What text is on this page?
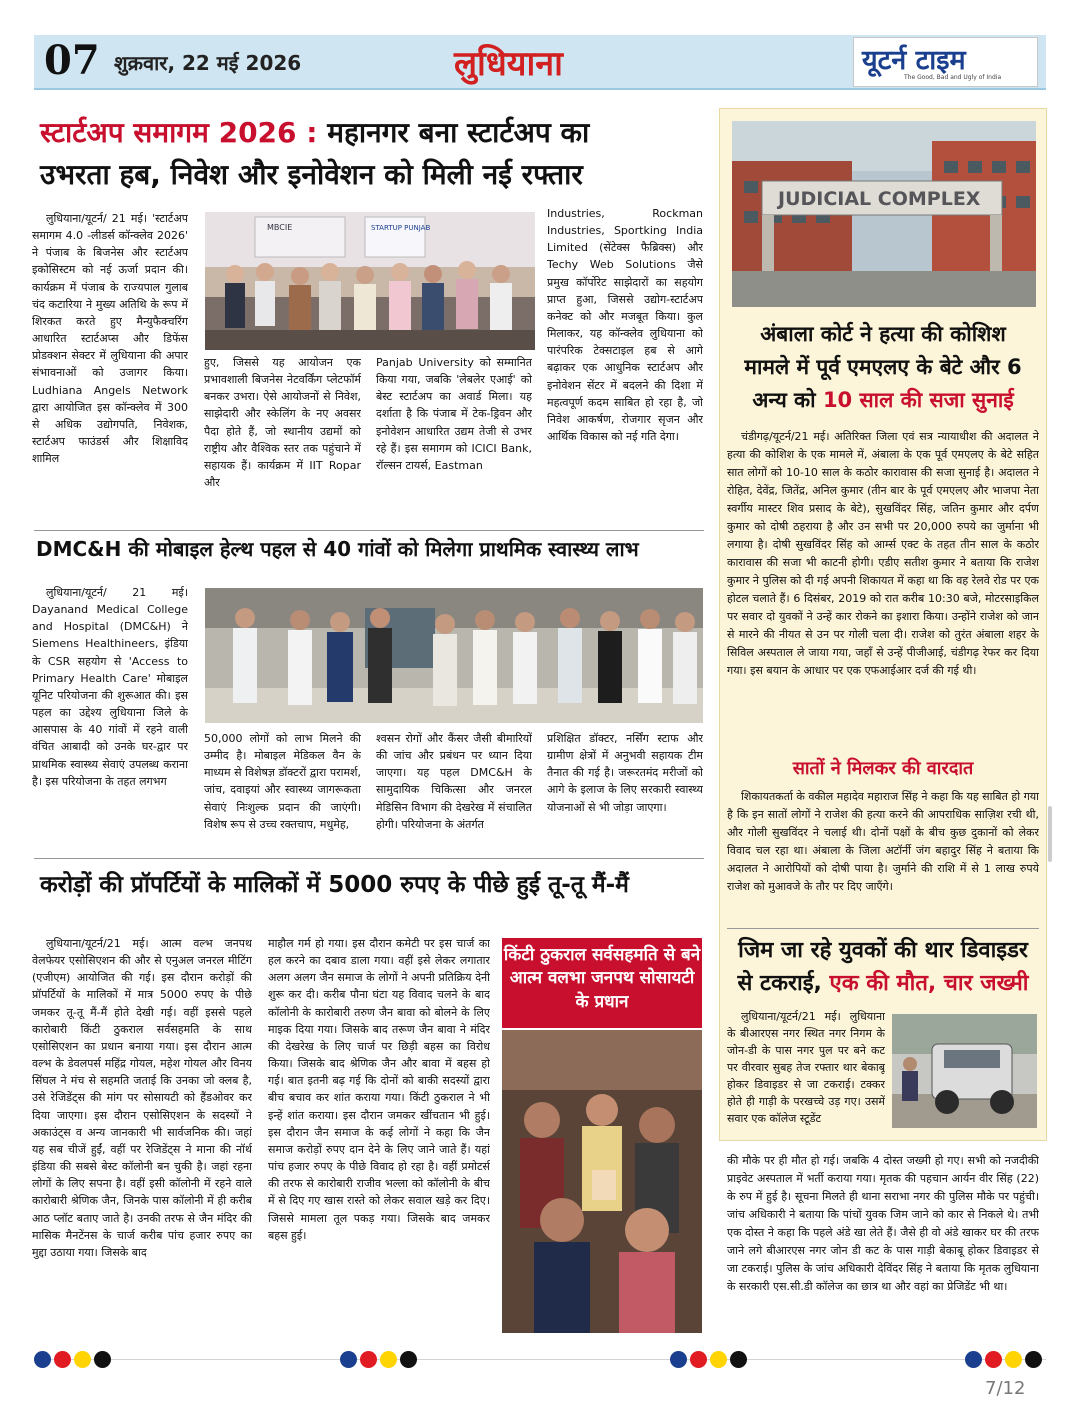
07 शुक्रवार, 22 मई 2026	लुधियाना	यूटर्न टाइम
The Good, Bad and Ugly of India
स्टार्टअप समागम 2026 : महानगर बना स्टार्टअप का
उभरता हब, निवेश और इनोवेशन को मिली नई रफ्तार

लुधियाना/यूटर्न/ 21 मई। 'स्टार्टअप समागम 4.0 -लीडर्स कॉन्क्लेव 2026' ने पंजाब के बिजनेस और स्टार्टअप इकोसिस्टम को नई ऊर्जा प्रदान की। कार्यक्रम में पंजाब के राज्यपाल गुलाब चंद कटारिया ने मुख्य अतिथि के रूप में शिरकत करते हुए मैन्युफैक्चरिंग आधारित स्टार्टअप्स और डिफेंस प्रोडक्शन सेक्टर में लुधियाना की अपार संभावनाओं को उजागर किया। Ludhiana Angels Network द्वारा आयोजित इस कॉन्क्लेव में 300 से अधिक उद्योगपति, निवेशक, स्टार्टअप फाउंडर्स और शिक्षाविद शामिल

MBCIE	STARTUP PUNJAB

हुए, जिससे यह आयोजन एक प्रभावशाली बिजनेस नेटवर्किंग प्लेटफॉर्म बनकर उभरा। ऐसे आयोजनों से निवेश, साझेदारी और स्केलिंग के नए अवसर पैदा होते हैं, जो स्थानीय उद्यमों को राष्ट्रीय और वैश्विक स्तर तक पहुंचाने में सहायक हैं। कार्यक्रम में IIT Ropar और

Panjab University को सम्मानित किया गया, जबकि 'लेबलेर एआई' को बेस्ट स्टार्टअप का अवार्ड मिला। यह दर्शाता है कि पंजाब में टेक-ड्रिवन और इनोवेशन आधारित उद्यम तेजी से उभर रहे हैं। इस समागम को ICICI Bank, रॉल्सन टायर्स, Eastman

Industries, Rockman Industries, Sportking India Limited (सेंटेक्स फैब्रिक्स) और Techy Web Solutions जैसे प्रमुख कॉर्पोरेट साझेदारों का सहयोग प्राप्त हुआ, जिससे उद्योग-स्टार्टअप कनेक्ट को और मजबूत किया। कुल मिलाकर, यह कॉन्क्लेव लुधियाना को पारंपरिक टेक्सटाइल हब से आगे बढ़ाकर एक आधुनिक स्टार्टअप और इनोवेशन सेंटर में बदलने की दिशा में महत्वपूर्ण कदम साबित हो रहा है, जो निवेश आकर्षण, रोजगार सृजन और आर्थिक विकास को नई गति देगा।

DMC&H की मोबाइल हेल्थ पहल से 40 गांवों को मिलेगा प्राथमिक स्वास्थ्य लाभ

लुधियाना/यूटर्न/ 21 मई। Dayanand Medical College and Hospital (DMC&H) ने Siemens Healthineers, इंडिया के CSR सहयोग से 'Access to Primary Health Care' मोबाइल यूनिट परियोजना की शुरूआत की। इस पहल का उद्देश्य लुधियाना जिले के आसपास के 40 गांवों में रहने वाली वंचित आबादी को उनके घर-द्वार पर प्राथमिक स्वास्थ्य सेवाएं उपलब्ध कराना है। इस परियोजना के तहत लगभग

50,000 लोगों को लाभ मिलने की उम्मीद है। मोबाइल मेडिकल वैन के माध्यम से विशेषज्ञ डॉक्टरों द्वारा परामर्श, जांच, दवाइयां और स्वास्थ्य जागरूकता सेवाएं निःशुल्क प्रदान की जाएंगी। विशेष रूप से उच्च रक्तचाप, मधुमेह,

श्वसन रोगों और कैंसर जैसी बीमारियों की जांच और प्रबंधन पर ध्यान दिया जाएगा। यह पहल DMC&H के सामुदायिक चिकित्सा और जनरल मेडिसिन विभाग की देखरेख में संचालित होगी। परियोजना के अंतर्गत

प्रशिक्षित डॉक्टर, नर्सिंग स्टाफ और ग्रामीण क्षेत्रों में अनुभवी सहायक टीम तैनात की गई है। जरूरतमंद मरीजों को आगे के इलाज के लिए सरकारी स्वास्थ्य योजनाओं से भी जोड़ा जाएगा।

करोड़ों की प्रॉपर्टियों के मालिकों में 5000 रुपए के पीछे हुई तू-तू मैं-मैं

लुधियाना/यूटर्न/21 मई। आत्म वल्भ जनपथ वेलफेयर एसोसिएशन की और से एनुअल जनरल मीटिंग (एजीएम) आयोजित की गई। इस दौरान करोड़ों की प्रॉपर्टियों के मालिकों में मात्र 5000 रुपए के पीछे जमकर तू-तू मैं-मैं होते देखी गई। वहीं इससे पहले कारोबारी किंटी ठुकराल सर्वसहमति के साथ एसोसिएशन का प्रधान बनाया गया। इस दौरान आत्म वल्भ के डेवलपर्स महिंद्र गोयल, महेश गोयल और विनय सिंघल ने मंच से सहमति जताई कि उनका जो क्लब है, उसे रेजिडेंट्स की मांग पर सोसायटी को हैंडओवर कर दिया जाएगा। इस दौरान एसोसिएशन के सदस्यों ने अकाउंट्स व अन्य जानकारी भी सार्वजनिक की। जहां यह सब चीजें हुईं, वहीं पर रेजिडेंट्स ने माना की नॉर्थ इंडिया की सबसे बेस्ट कॉलोनी बन चुकी है। जहां रहना लोगों के लिए सपना है। वहीं इसी कॉलोनी में रहने वाले कारोबारी श्रेणिक जैन, जिनके पास कॉलोनी में ही करीब आठ प्लॉट बताए जाते है। उनकी तरफ से जैन मंदिर की मासिक मैनटेंनस के चार्ज करीब पांच हजार रुपए का मुद्दा उठाया गया। जिसके बाद

माहौल गर्म हो गया। इस दौरान कमेटी पर इस चार्ज का हल करने का दबाव डाला गया। वहीं इसे लेकर लगातार अलग अलग जैन समाज के लोगों ने अपनी प्रतिक्रिय देनी शुरू कर दी। करीब पौना घंटा यह विवाद चलने के बाद कॉलोनी के कारोबारी तरुण जैन बावा को बोलने के लिए माइक दिया गया। जिसके बाद तरूण जैन बावा ने मंदिर की देखरेख के लिए चार्ज पर छिड़ी बहस का विरोध किया। जिसके बाद श्रेणिक जैन और बावा में बहस हो गई। बात इतनी बढ़ गई कि दोनों को बाकी सदस्यों द्वारा बीच बचाव कर शांत कराया गया। किंटी ठुकराल ने भी इन्हें शांत कराया। इस दौरान जमकर खींचतान भी हुई। इस दौरान जैन समाज के कई लोगों ने कहा कि जैन समाज करोड़ों रुपए दान देने के लिए जाने जाते हैं। यहां पांच हजार रुपए के पीछे विवाद हो रहा है। वहीं प्रमोटर्स की तरफ से कारोबारी राजीव भल्ला को कॉलोनी के बीच में से दिए गए खास रास्ते को लेकर सवाल खड़े कर दिए। जिससे मामला तूल पकड़ गया। जिसके बाद जमकर बहस हुई।

किंटी ठुकराल सर्वसहमति से बने आत्म वलभा जनपथ सोसायटी के प्रधान
JUDICIAL COMPLEX
अंबाला कोर्ट ने हत्या की कोशिश
मामले में पूर्व एमएलए के बेटे और 6
अन्य को 10 साल की सजा सुनाई

चंडीगढ़/यूटर्न/21 मई। अतिरिक्त जिला एवं सत्र न्यायाधीश की अदालत ने हत्या की कोशिश के एक मामले में, अंबाला के एक पूर्व एमएलए के बेटे सहित सात लोगों को 10-10 साल के कठोर कारावास की सजा सुनाई है। अदालत ने रोहित, देवेंद्र, जितेंद्र, अनिल कुमार (तीन बार के पूर्व एमएलए और भाजपा नेता स्वर्गीय मास्टर शिव प्रसाद के बेटे), सुखविंदर सिंह, जतिन कुमार और दर्पण कुमार को दोषी ठहराया है और उन सभी पर 20,000 रुपये का जुर्माना भी लगाया है। दोषी सुखविंदर सिंह को आर्म्स एक्ट के तहत तीन साल के कठोर कारावास की सजा भी काटनी होगी। एडीए सतीश कुमार ने बताया कि राजेश कुमार ने पुलिस को दी गई अपनी शिकायत में कहा था कि वह रेलवे रोड पर एक होटल चलाते हैं। 6 दिसंबर, 2019 को रात करीब 10:30 बजे, मोटरसाइकिल पर सवार दो युवकों ने उन्हें कार रोकने का इशारा किया। उन्होंने राजेश को जान से मारने की नीयत से उन पर गोली चला दी। राजेश को तुरंत अंबाला शहर के सिविल अस्पताल ले जाया गया, जहाँ से उन्हें पीजीआई, चंडीगढ़ रेफर कर दिया गया। इस बयान के आधार पर एक एफआईआर दर्ज की गई थी।

सातों ने मिलकर की वारदात

शिकायतकर्ता के वकील महादेव महाराज सिंह ने कहा कि यह साबित हो गया है कि इन सातों लोगों ने राजेश की हत्या करने की आपराधिक साज़िश रची थी, और गोली सुखविंदर ने चलाई थी। दोनों पक्षों के बीच कुछ दुकानों को लेकर विवाद चल रहा था। अंबाला के जिला अटॉर्नी जंग बहादुर सिंह ने बताया कि अदालत ने आरोपियों को दोषी पाया है। जुर्माने की राशि में से 1 लाख रुपये राजेश को मुआवजे के तौर पर दिए जाएँगे।

जिम जा रहे युवकों की थार डिवाइडर
से टकराई, एक की मौत, चार जख्मी

लुधियाना/यूटर्न/21 मई। लुधियाना के बीआरएस नगर स्थित नगर निगम के जोन-डी के पास नगर पुल पर बने कट पर वीरवार सुबह तेज रफ्तार थार बेकाबू होकर डिवाइडर से जा टकराई। टक्कर होते ही गाड़ी के परखच्चे उड़ गए। उसमें सवार एक कॉलेज स्टूडेंट

की मौके पर ही मौत हो गई। जबकि 4 दोस्त जख्मी हो गए। सभी को नजदीकी प्राइवेट अस्पताल में भर्ती कराया गया। मृतक की पहचान आर्यन वीर सिंह (22) के रुप में हुई है। सूचना मिलते ही थाना सराभा नगर की पुलिस मौके पर पहुंची। जांच अधिकारी ने बताया कि पांचों युवक जिम जाने को कार से निकले थे। तभी एक दोस्त ने कहा कि पहले अंडे खा लेते हैं। जैसे ही वो अंडे खाकर घर की तरफ जाने लगे बीआरएस नगर जोन डी कट के पास गाड़ी बेकाबू होकर डिवाइडर से जा टकराई। पुलिस के जांच अधिकारी देविंदर सिंह ने बताया कि मृतक लुधियाना के सरकारी एस.सी.डी कॉलेज का छात्र था और वहां का प्रेजिडेंट भी था।

7/12
